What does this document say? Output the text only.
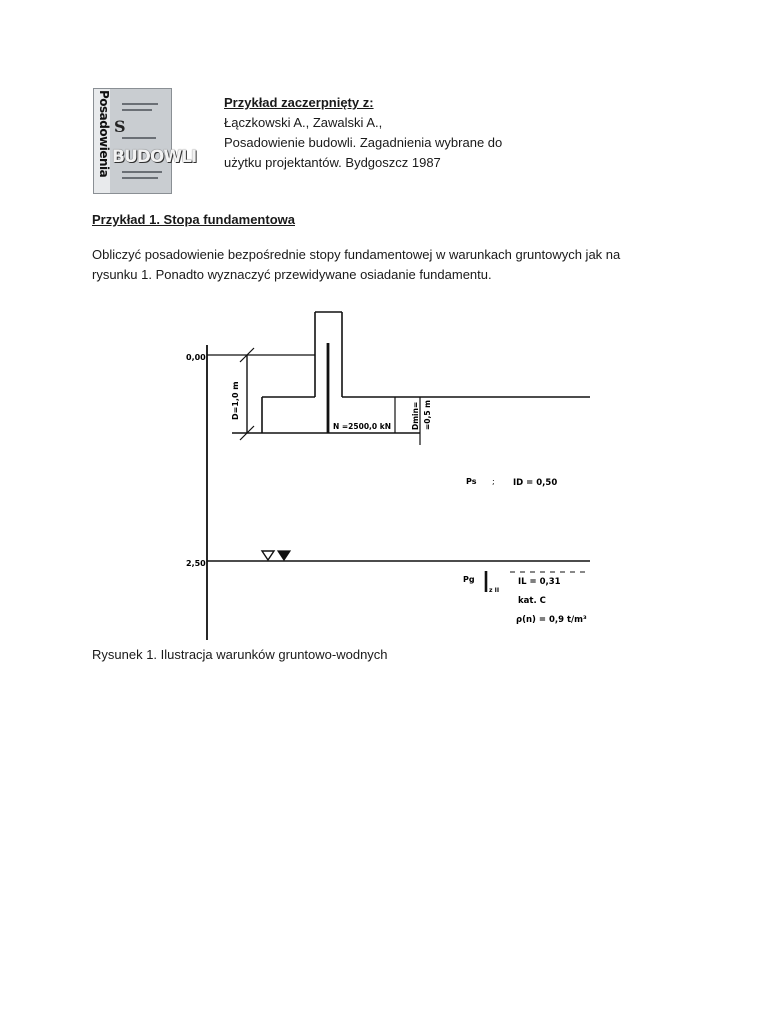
Posadowienia S
BUDOWLI
Przykład zaczerpnięty z:
Łączkowski A., Zawalski A.,
Posadowienie budowli. Zagadnienia wybrane do
użytku projektantów. Bydgoszcz 1987
Przykład 1. Stopa fundamentowa
Obliczyć posadowienie bezpośrednie stopy fundamentowej w warunkach gruntowych jak na
rysunku 1. Ponadto wyznaczyć przewidywane osiadanie fundamentu.
0,00
2,50
D=1,0 m	Dmin= =0,5 m
N =2500,0 kN
Ps ; ID = 0,50
Pg
z II
IL = 0,31
kat. C
ρ(n) = 0,9 t/m³
Rysunek 1. Ilustracja warunków gruntowo-wodnych
